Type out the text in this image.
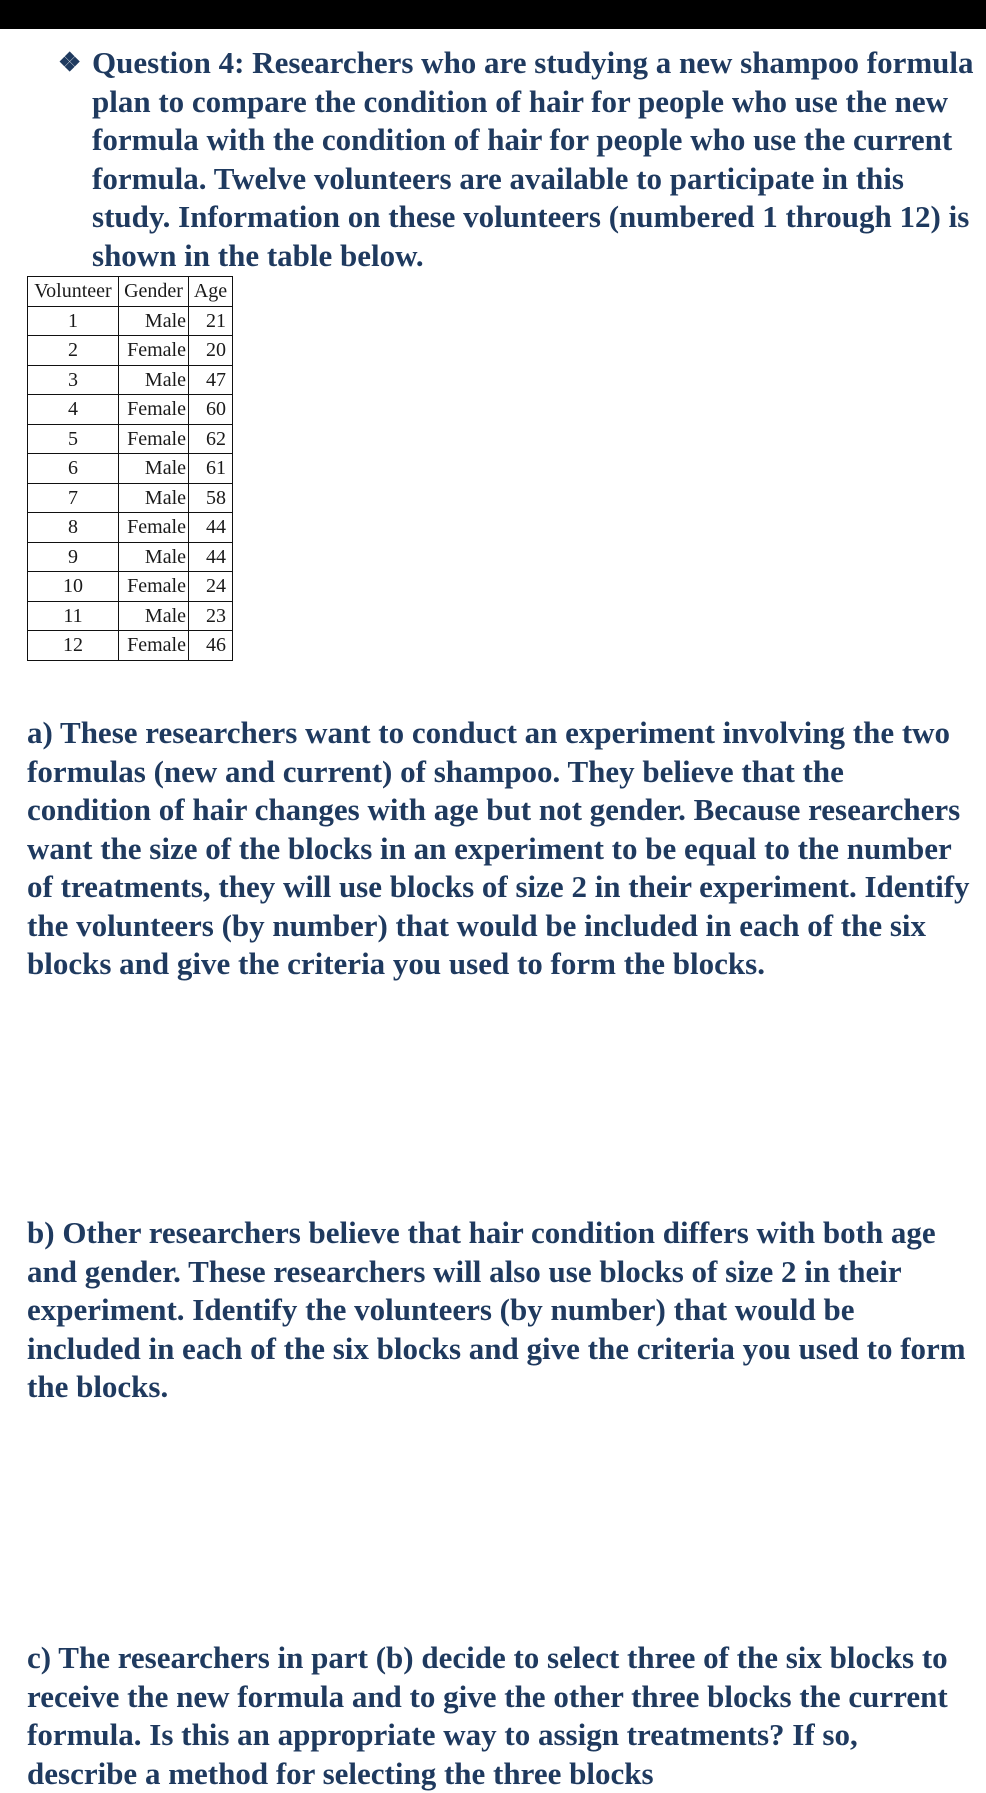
❖ Question 4: Researchers who are studying a new shampoo formula plan to compare the condition of hair for people who use the new formula with the condition of hair for people who use the current formula. Twelve volunteers are available to participate in this study. Information on these volunteers (numbered 1 through 12) is shown in the table below.
Volunteer	Gender	Age
1	Male	21
2	Female	20
3	Male	47
4	Female	60
5	Female	62
6	Male	61
7	Male	58
8	Female	44
9	Male	44
10	Female	24
11	Male	23
12	Female	46
a) These researchers want to conduct an experiment involving the two formulas (new and current) of shampoo. They believe that the condition of hair changes with age but not gender. Because researchers want the size of the blocks in an experiment to be equal to the number of treatments, they will use blocks of size 2 in their experiment. Identify the volunteers (by number) that would be included in each of the six blocks and give the criteria you used to form the blocks.
b) Other researchers believe that hair condition differs with both age and gender. These researchers will also use blocks of size 2 in their experiment. Identify the volunteers (by number) that would be included in each of the six blocks and give the criteria you used to form the blocks.
c) The researchers in part (b) decide to select three of the six blocks to receive the new formula and to give the other three blocks the current formula. Is this an appropriate way to assign treatments? If so, describe a method for selecting the three blocks
